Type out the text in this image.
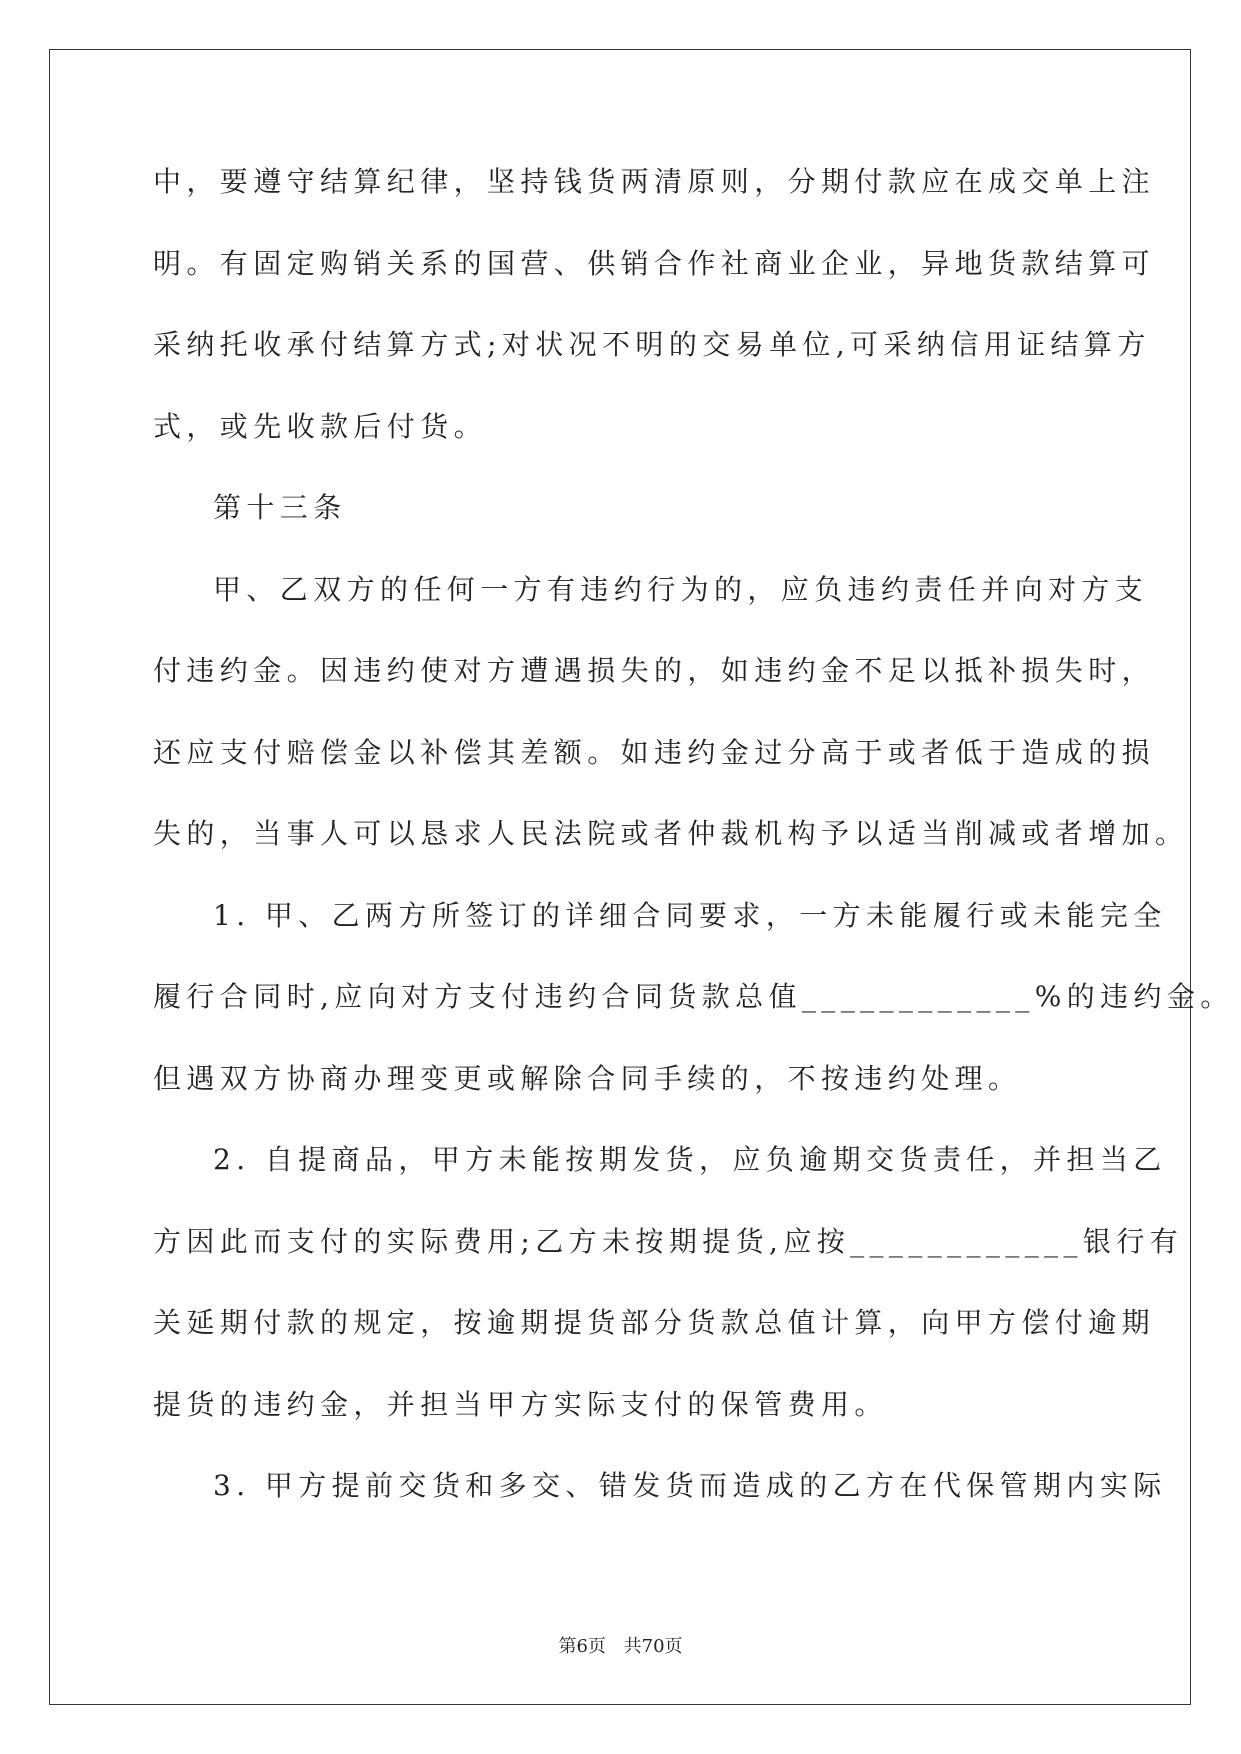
中，要遵守结算纪律，坚持钱货两清原则，分期付款应在成交单上注
明。有固定购销关系的国营、供销合作社商业企业，异地货款结算可
采纳托收承付结算方式;对状况不明的交易单位,可采纳信用证结算方
式，或先收款后付货。
第十三条
甲、乙双方的任何一方有违约行为的，应负违约责任并向对方支
付违约金。因违约使对方遭遇损失的，如违约金不足以抵补损失时，
还应支付赔偿金以补偿其差额。如违约金过分高于或者低于造成的损
失的，当事人可以恳求人民法院或者仲裁机构予以适当削减或者增加。
1. 甲、乙两方所签订的详细合同要求，一方未能履行或未能完全
履行合同时,应向对方支付违约合同货款总值____________%的违约金。
但遇双方协商办理变更或解除合同手续的，不按违约处理。
2. 自提商品，甲方未能按期发货，应负逾期交货责任，并担当乙
方因此而支付的实际费用;乙方未按期提货,应按____________银行有
关延期付款的规定，按逾期提货部分货款总值计算，向甲方偿付逾期
提货的违约金，并担当甲方实际支付的保管费用。
3. 甲方提前交货和多交、错发货而造成的乙方在代保管期内实际
第6页 共70页
